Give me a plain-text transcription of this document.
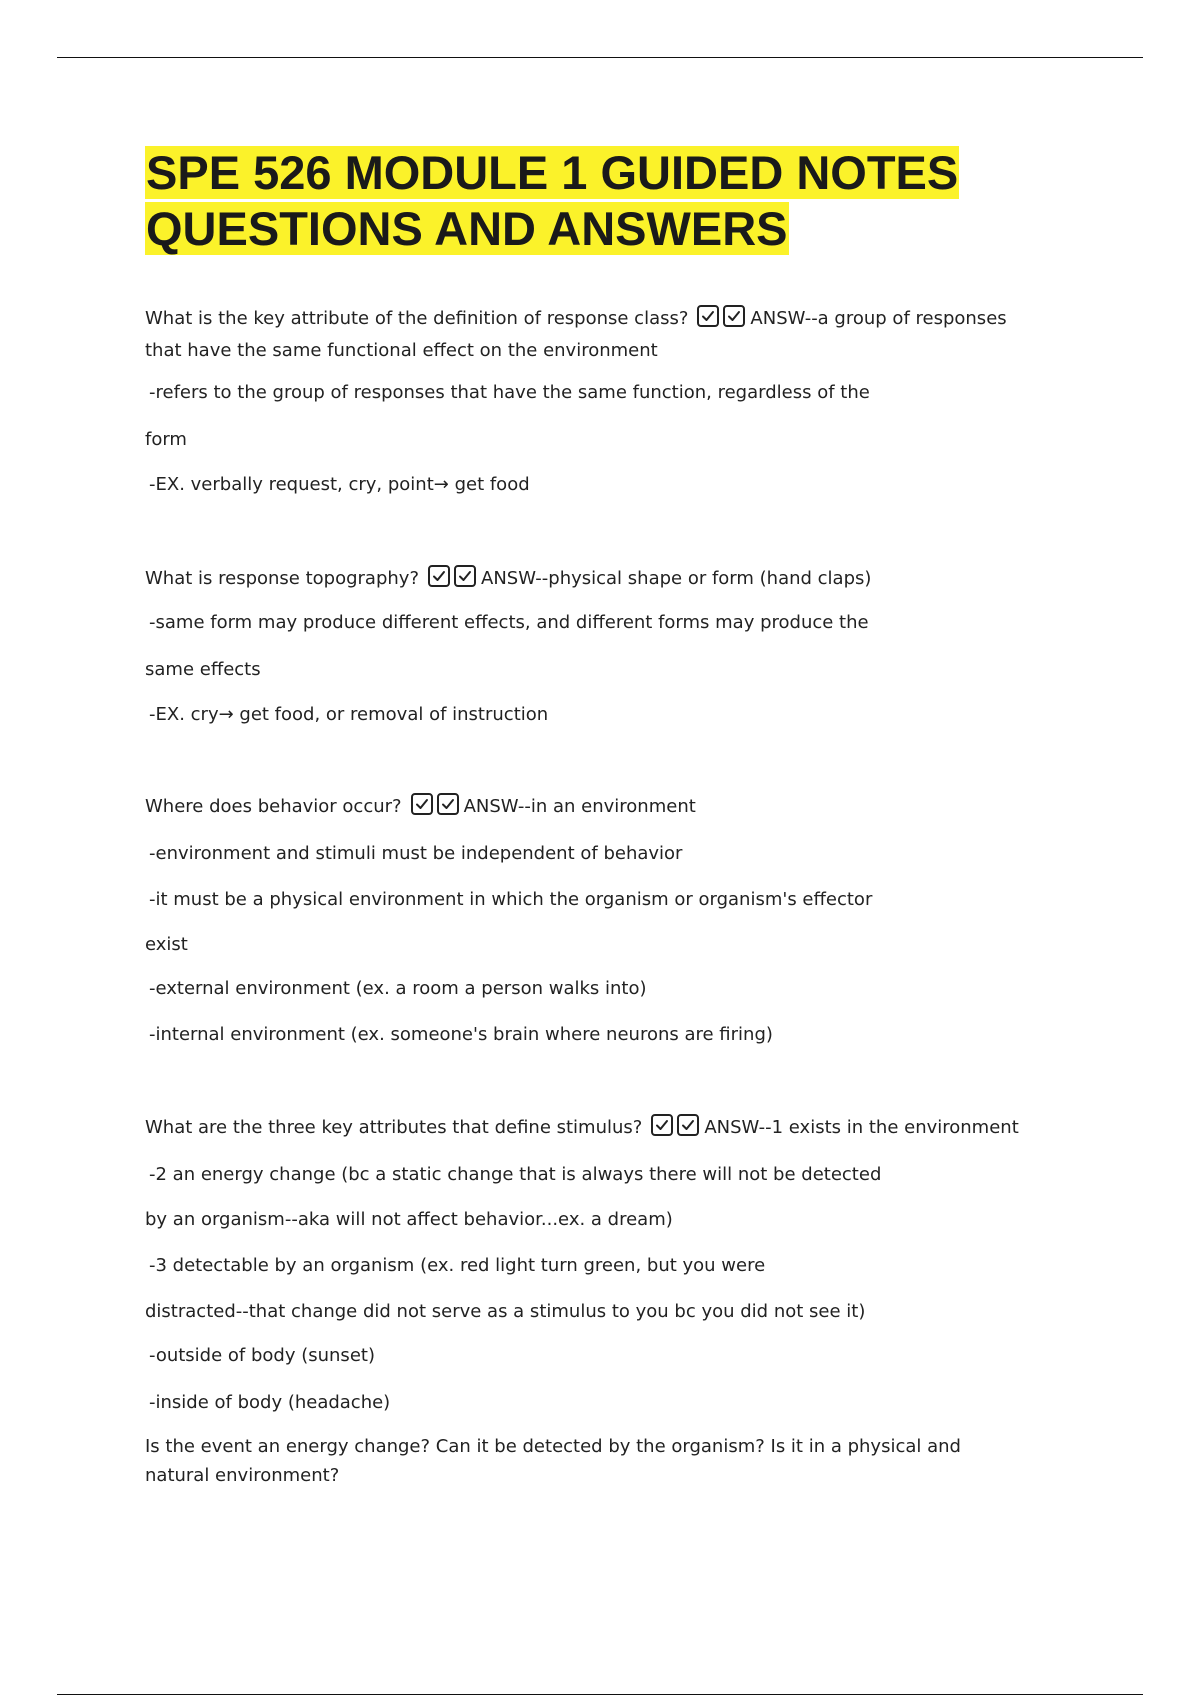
SPE 526 MODULE 1 GUIDED NOTES QUESTIONS AND ANSWERS

What is the key attribute of the definition of response class?	ANSW--a group of responses that have the same functional effect on the environment

-refers to the group of responses that have the same function, regardless of the

form

-EX. verbally request, cry, point→ get food

What is response topography?	ANSW--physical shape or form (hand claps)

-same form may produce different effects, and different forms may produce the

same effects

-EX. cry→ get food, or removal of instruction

Where does behavior occur?	ANSW--in an environment

-environment and stimuli must be independent of behavior

-it must be a physical environment in which the organism or organism's effector

exist

-external environment (ex. a room a person walks into)

-internal environment (ex. someone's brain where neurons are firing)

What are the three key attributes that define stimulus?	ANSW--1 exists in the environment

-2 an energy change (bc a static change that is always there will not be detected

by an organism--aka will not affect behavior...ex. a dream)

-3 detectable by an organism (ex. red light turn green, but you were

distracted--that change did not serve as a stimulus to you bc you did not see it)

-outside of body (sunset)

-inside of body (headache)

Is the event an energy change? Can it be detected by the organism? Is it in a physical and natural environment?
